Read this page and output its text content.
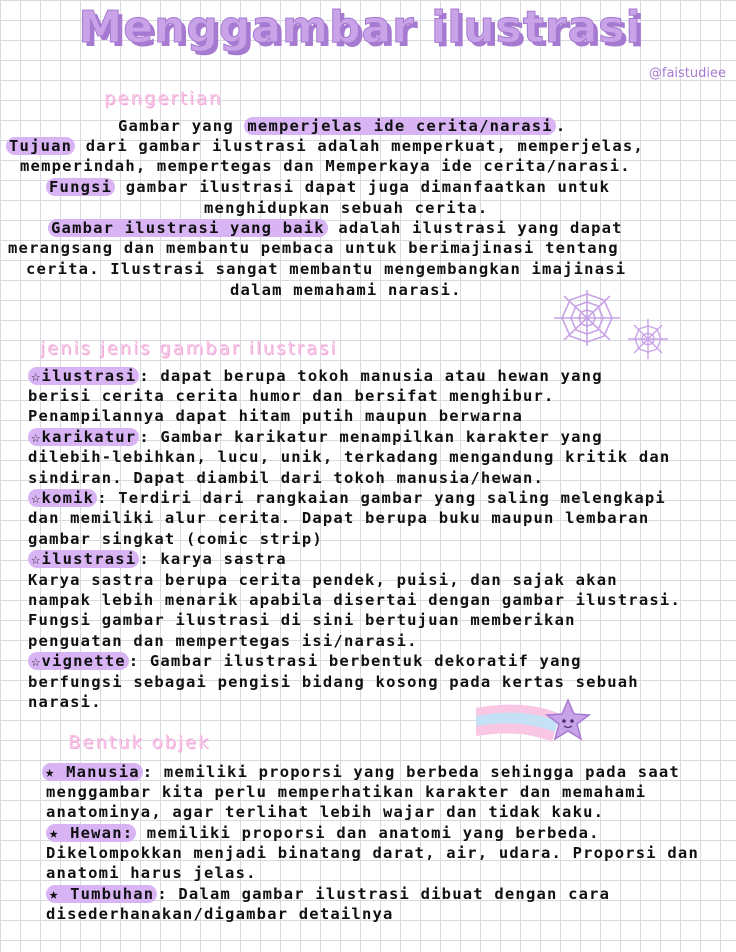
Menggambar ilustrasi
@faistudiee
pengertian
Gambar yang memperjelas ide cerita/narasi .
Tujuan dari gambar ilustrasi adalah memperkuat, memperjelas,
memperindah, mempertegas dan Memperkaya ide cerita/narasi.
Fungsi gambar ilustrasi dapat juga dimanfaatkan untuk
menghidupkan sebuah cerita.
Gambar ilustrasi yang baik adalah ilustrasi yang dapat
merangsang dan membantu pembaca untuk berimajinasi tentang
cerita. Ilustrasi sangat membantu mengembangkan imajinasi
dalam memahami narasi.
jenis jenis gambar ilustrasi
☆ilustrasi : dapat berupa tokoh manusia atau hewan yang
berisi cerita cerita humor dan bersifat menghibur.
Penampilannya dapat hitam putih maupun berwarna
☆karikatur : Gambar karikatur menampilkan karakter yang
dilebih-lebihkan, lucu, unik, terkadang mengandung kritik dan
sindiran. Dapat diambil dari tokoh manusia/hewan.
☆komik : Terdiri dari rangkaian gambar yang saling melengkapi
dan memiliki alur cerita. Dapat berupa buku maupun lembaran
gambar singkat (comic strip)
☆ilustrasi : karya sastra
Karya sastra berupa cerita pendek, puisi, dan sajak akan
nampak lebih menarik apabila disertai dengan gambar ilustrasi.
Fungsi gambar ilustrasi di sini bertujuan memberikan
penguatan dan mempertegas isi/narasi.
☆vignette : Gambar ilustrasi berbentuk dekoratif yang
berfungsi sebagai pengisi bidang kosong pada kertas sebuah
narasi.
Bentuk objek
★ Manusia : memiliki proporsi yang berbeda sehingga pada saat
menggambar kita perlu memperhatikan karakter dan memahami
anatominya, agar terlihat lebih wajar dan tidak kaku.
★ Hewan: memiliki proporsi dan anatomi yang berbeda.
Dikelompokkan menjadi binatang darat, air, udara. Proporsi dan
anatomi harus jelas.
★ Tumbuhan : Dalam gambar ilustrasi dibuat dengan cara
disederhanakan/digambar detailnya
